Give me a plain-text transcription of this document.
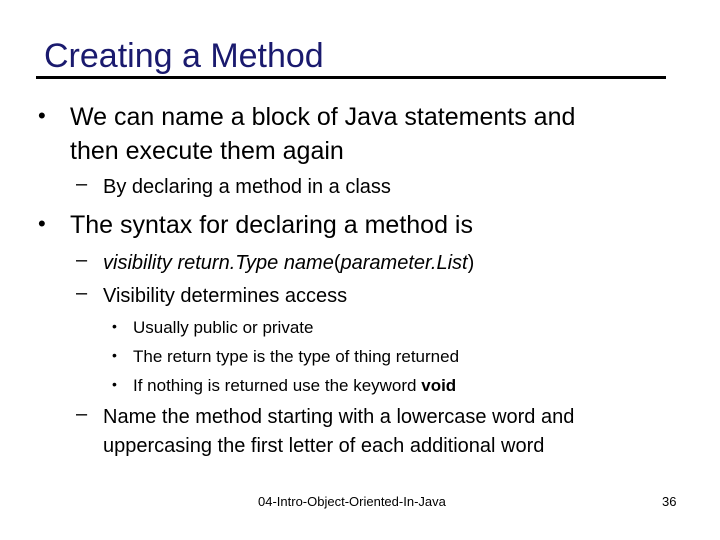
Creating a Method
• We can name a block of Java statements and
then execute them again
– By declaring a method in a class
• The syntax for declaring a method is
– visibility return.Type name(parameter.List)
– Visibility determines access
• Usually public or private
• The return type is the type of thing returned
• If nothing is returned use the keyword void
– Name the method starting with a lowercase word and
uppercasing the first letter of each additional word
04-Intro-Object-Oriented-In-Java	36
